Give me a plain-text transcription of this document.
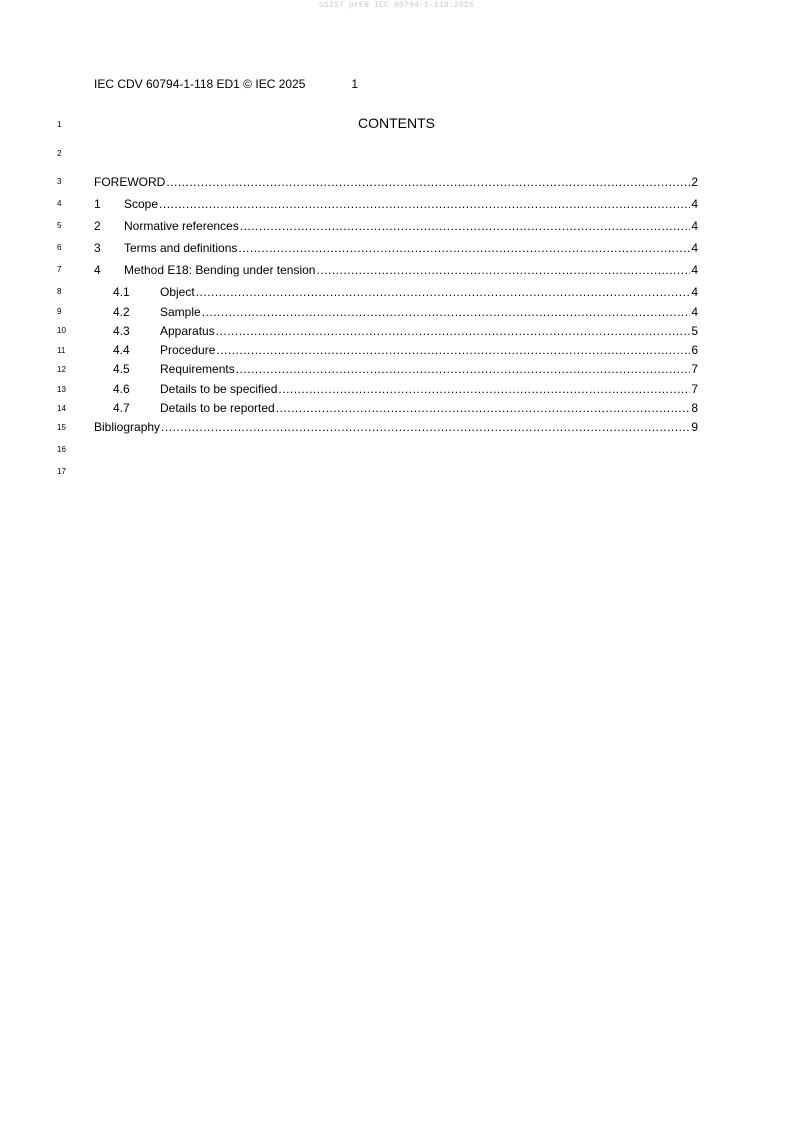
oSIST prEN IEC 60794-1-118:2025
IEC CDV 60794-1-118 ED1 © IEC 2025	1
1
2
3
4
5
6
7
8
9
10
11
12
13
14
15
16
17
CONTENTS
FOREWORD .....	2
1	Scope .....	4
2	Normative references .....	4
3	Terms and definitions .....	4
4	Method E18: Bending under tension .....	4
4.1	Object .....	4
4.2	Sample .....	4
4.3	Apparatus .....	5
4.4	Procedure .....	6
4.5	Requirements .....	7
4.6	Details to be specified .....	7
4.7	Details to be reported .....	8
Bibliography .....	9
